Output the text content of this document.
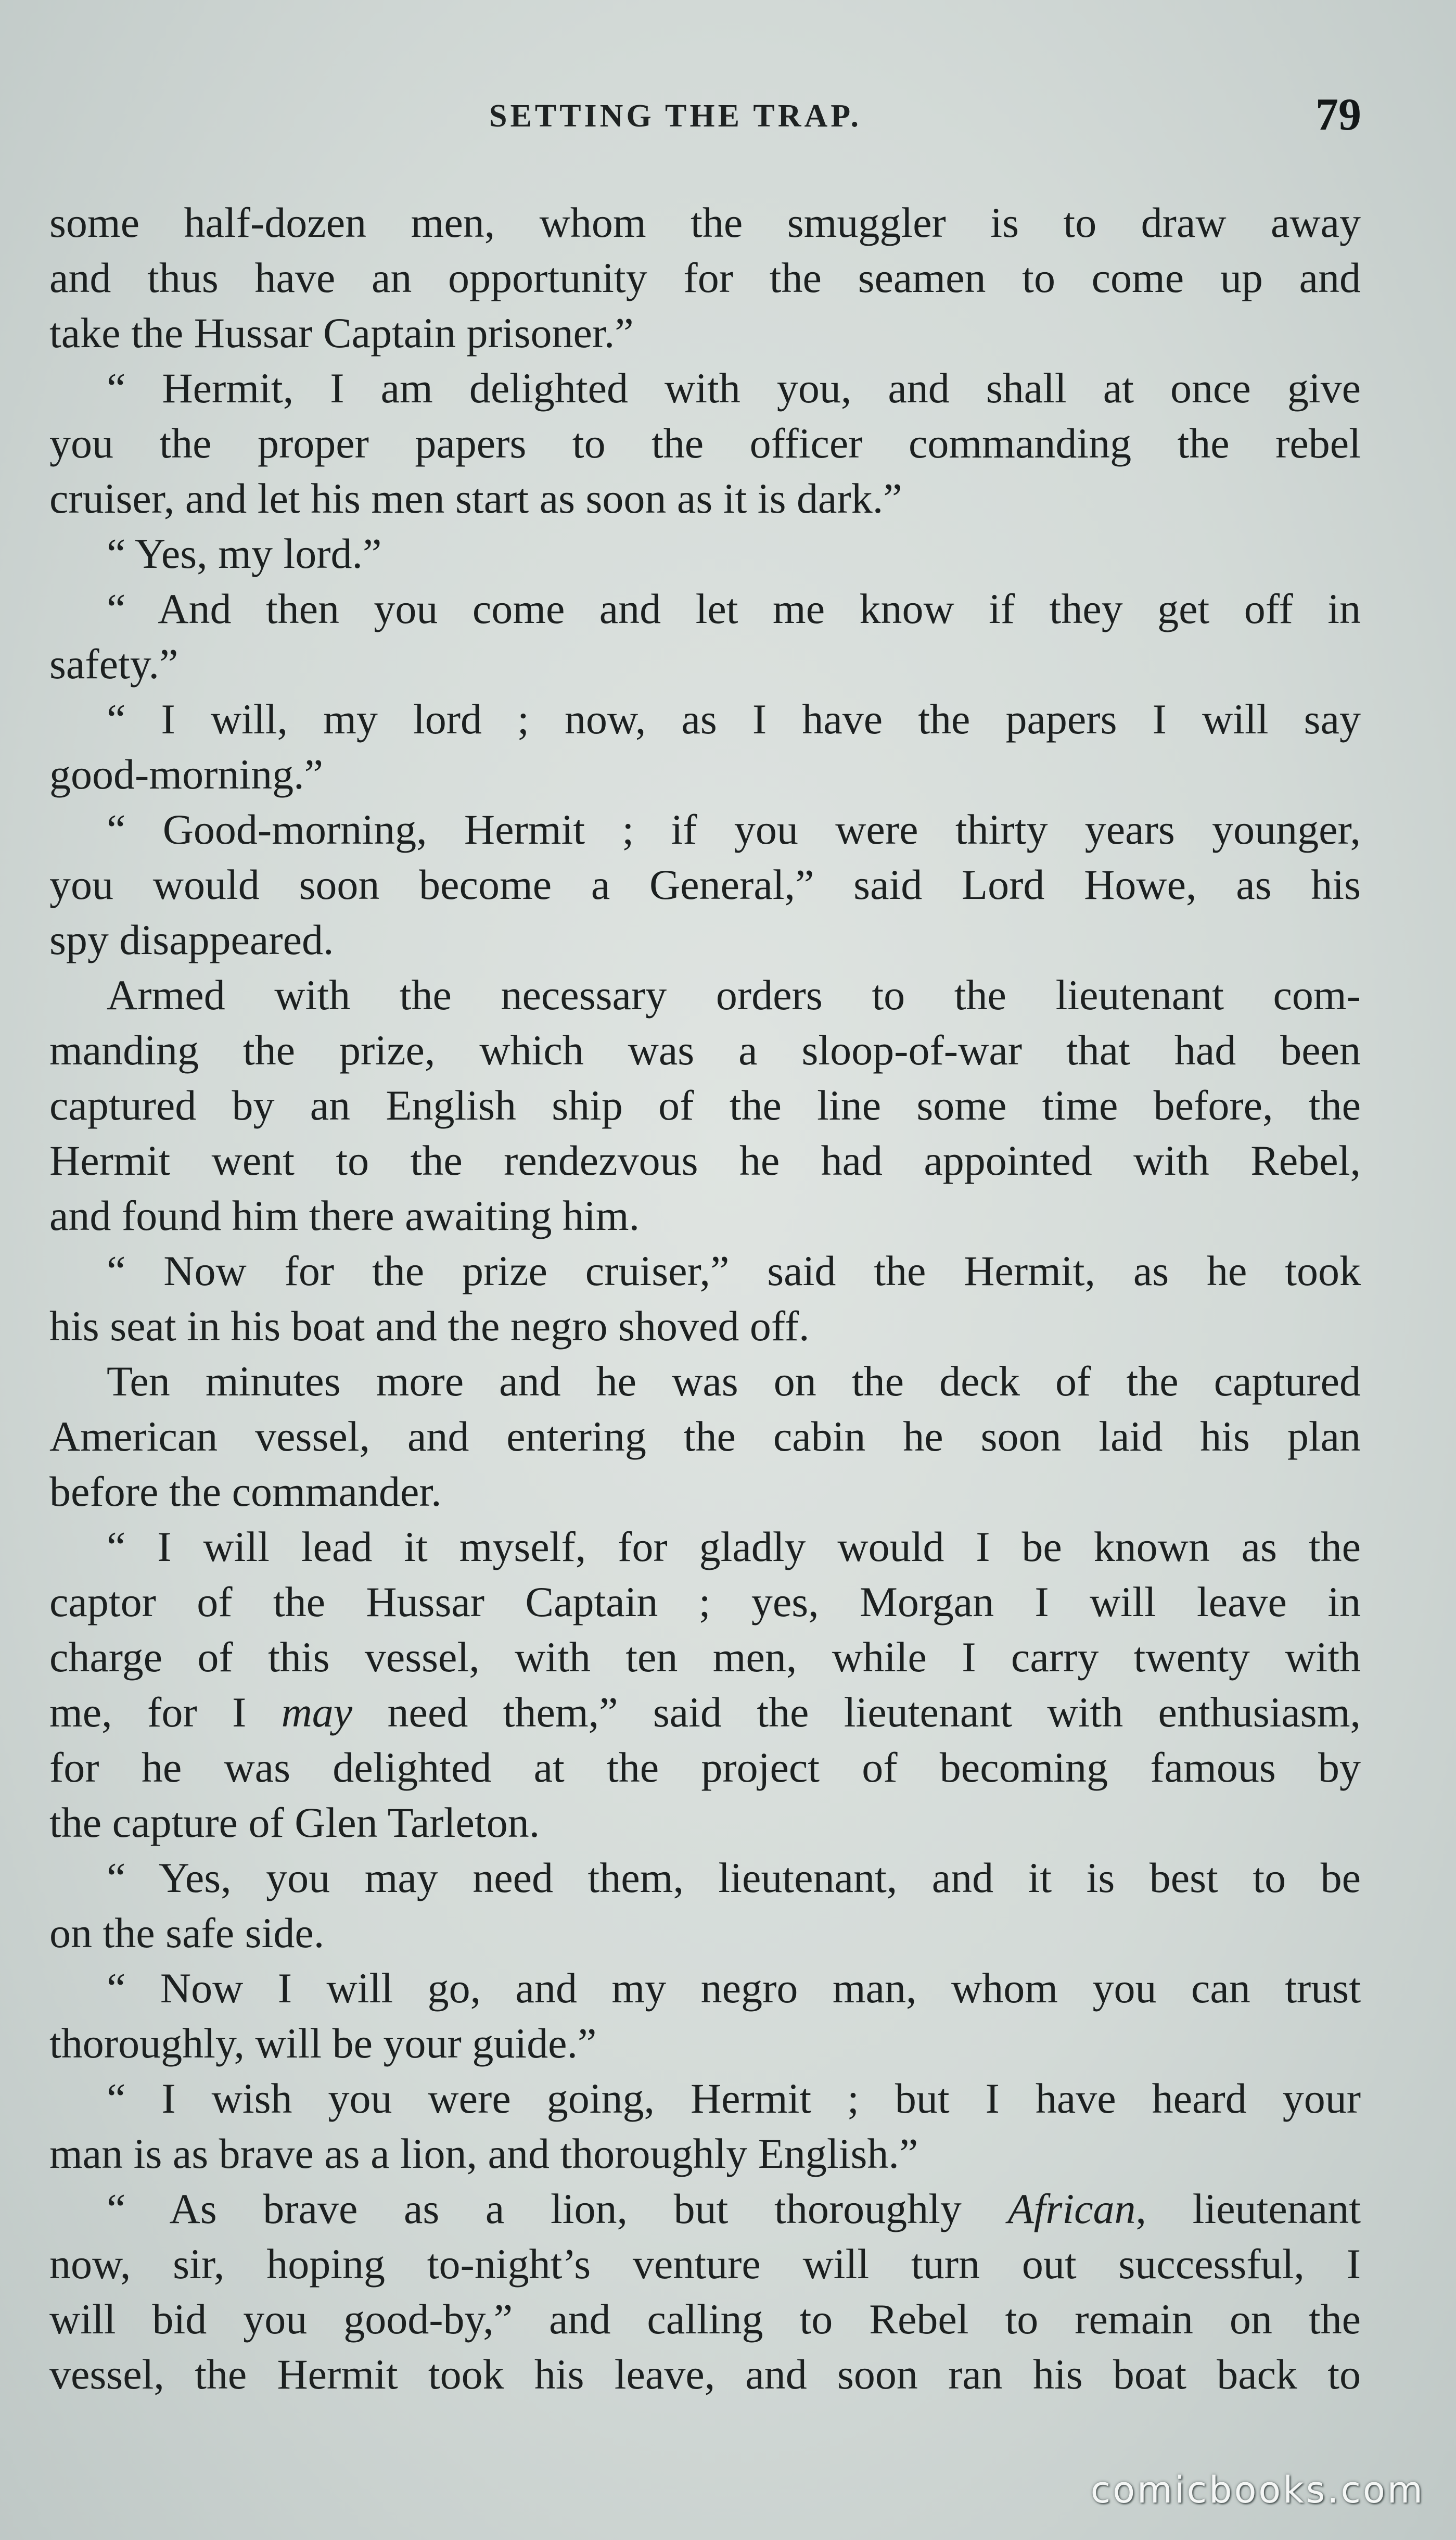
SETTING THE TRAP.	79
some half-dozen men, whom the smuggler is to draw away
and thus have an opportunity for the seamen to come up and
take the Hussar Captain prisoner.”
“ Hermit, I am delighted with you, and shall at once give
you the proper papers to the officer commanding the rebel
cruiser, and let his men start as soon as it is dark.”
“ Yes, my lord.”
“ And then you come and let me know if they get off in
safety.”
“ I will, my lord ; now, as I have the papers I will say
good-morning.”
“ Good-morning, Hermit ; if you were thirty years younger,
you would soon become a General,” said Lord Howe, as his
spy disappeared.
Armed with the necessary orders to the lieutenant com-
manding the prize, which was a sloop-of-war that had been
captured by an English ship of the line some time before, the
Hermit went to the rendezvous he had appointed with Rebel,
and found him there awaiting him.
“ Now for the prize cruiser,” said the Hermit, as he took
his seat in his boat and the negro shoved off.
Ten minutes more and he was on the deck of the captured
American vessel, and entering the cabin he soon laid his plan
before the commander.
“ I will lead it myself, for gladly would I be known as the
captor of the Hussar Captain ; yes, Morgan I will leave in
charge of this vessel, with ten men, while I carry twenty with
me, for I may need them,” said the lieutenant with enthusiasm,
for he was delighted at the project of becoming famous by
the capture of Glen Tarleton.
“ Yes, you may need them, lieutenant, and it is best to be
on the safe side.
“ Now I will go, and my negro man, whom you can trust
thoroughly, will be your guide.”
“ I wish you were going, Hermit ; but I have heard your
man is as brave as a lion, and thoroughly English.”
“ As brave as a lion, but thoroughly African, lieutenant
now, sir, hoping to-night’s venture will turn out successful, I
will bid you good-by,” and calling to Rebel to remain on the
vessel, the Hermit took his leave, and soon ran his boat back to
comicbooks.com
